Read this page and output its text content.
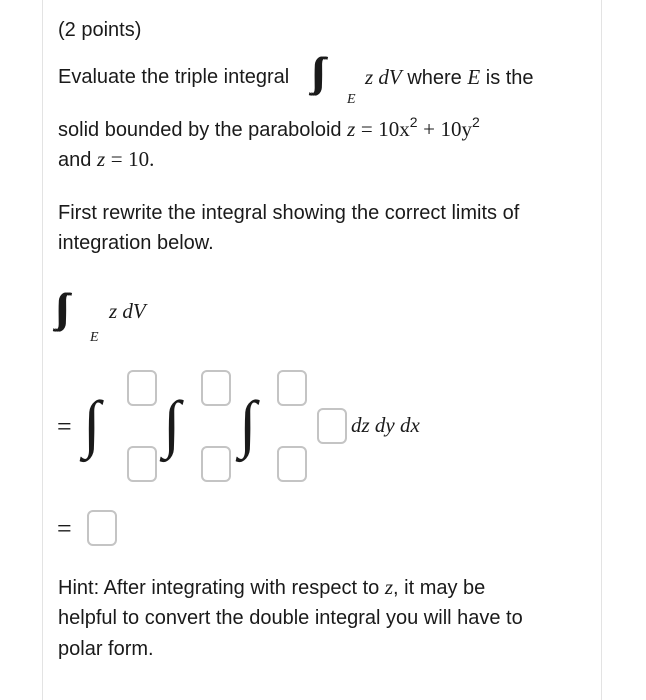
(2 points)
Evaluate the triple integral
E
z dV where E is the
solid bounded by the paraboloid $z = 10x^2 + 10y^2$
and z = 10.
First rewrite the integral showing the correct limits of
integration below.
E
z dV
= ∫ ∫ ∫	dz dy dx
=
Hint: After integrating with respect to z, it may be
helpful to convert the double integral you will have to
polar form.
